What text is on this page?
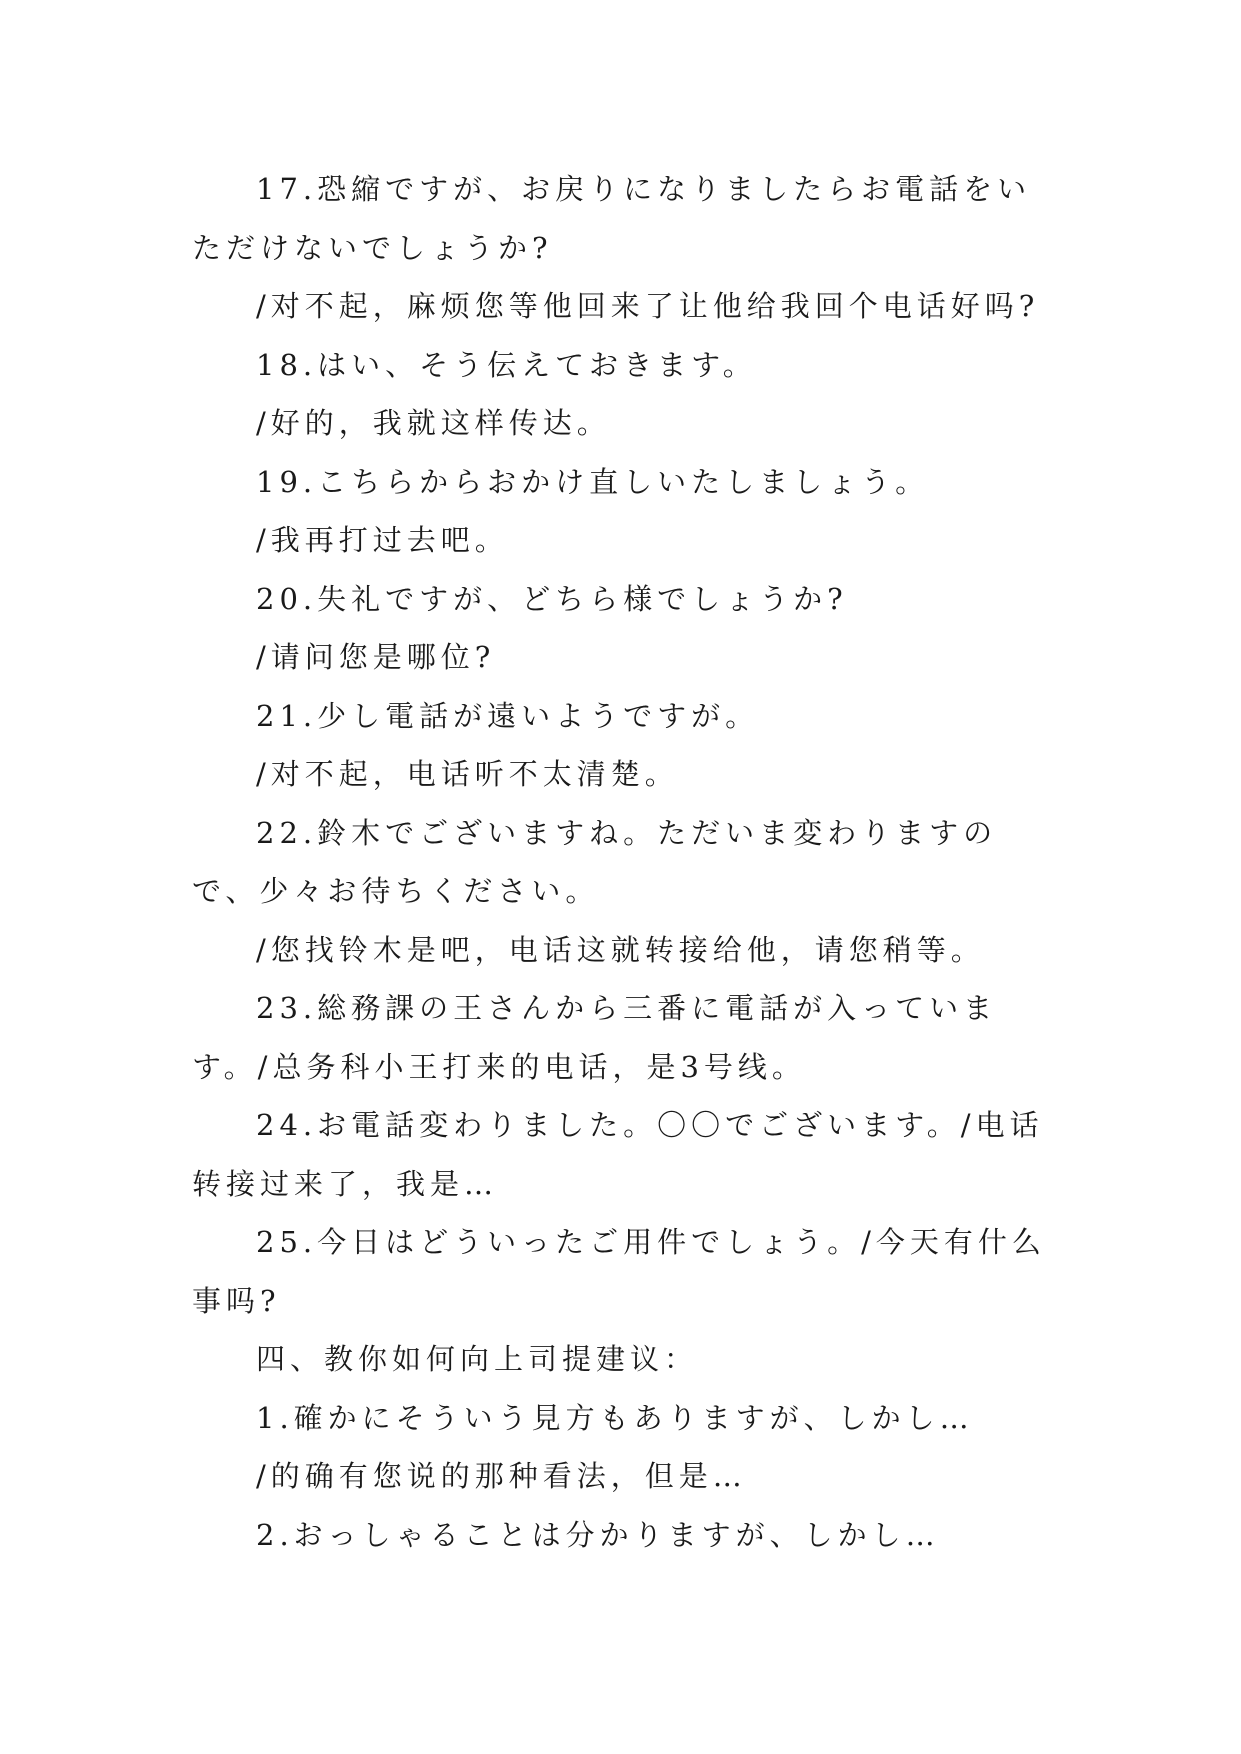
17.恐縮ですが、お戻りになりましたらお電話をいただけないでしょうか?

/对不起，麻烦您等他回来了让他给我回个电话好吗?

18.はい、そう伝えておきます。

/好的，我就这样传达。

19.こちらからおかけ直しいたしましょう。

/我再打过去吧。

20.失礼ですが、どちら様でしょうか?

/请问您是哪位?

21.少し電話が遠いようですが。

/对不起，电话听不太清楚。

22.鈴木でございますね。ただいま変わりますので、少々お待ちください。

/您找铃木是吧，电话这就转接给他，请您稍等。

23.総務課の王さんから三番に電話が入っています。/总务科小王打来的电话，是3号线。

24.お電話変わりました。〇〇でございます。/电话转接过来了，我是…

25.今日はどういったご用件でしょう。/今天有什么事吗?

四、教你如何向上司提建议：

1.確かにそういう見方もありますが、しかし…

/的确有您说的那种看法，但是…

2.おっしゃることは分かりますが、しかし…
